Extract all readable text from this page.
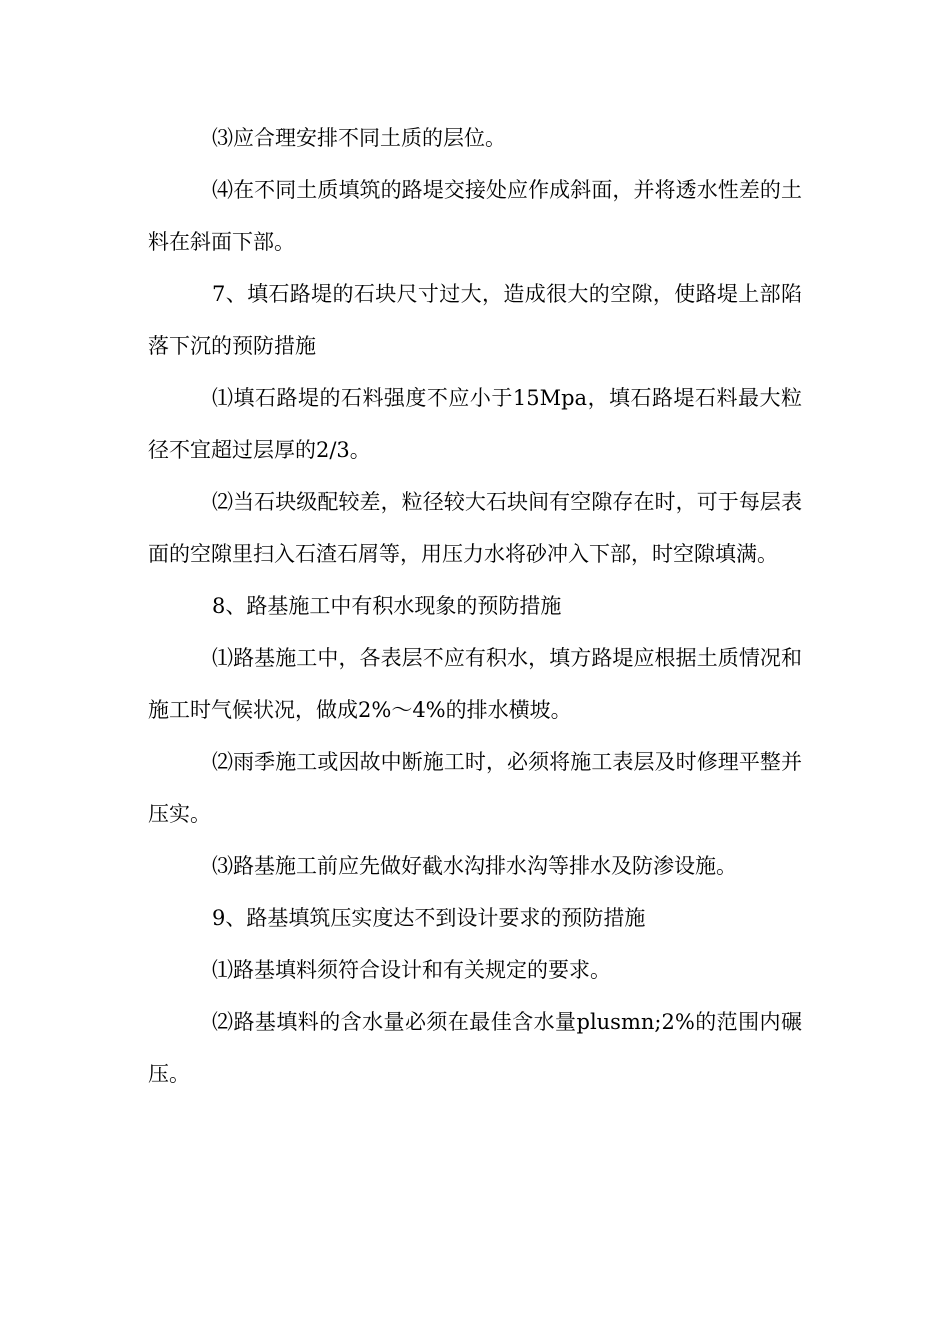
⑶应合理安排不同土质的层位。

⑷在不同土质填筑的路堤交接处应作成斜面，并将透水性差的土料在斜面下部。

7、填石路堤的石块尺寸过大，造成很大的空隙，使路堤上部陷落下沉的预防措施

⑴填石路堤的石料强度不应小于15Mpa，填石路堤石料最大粒径不宜超过层厚的2/3。

⑵当石块级配较差，粒径较大石块间有空隙存在时，可于每层表面的空隙里扫入石渣石屑等，用压力水将砂冲入下部，时空隙填满。

8、路基施工中有积水现象的预防措施

⑴路基施工中，各表层不应有积水，填方路堤应根据土质情况和施工时气候状况，做成2%～4%的排水横坡。

⑵雨季施工或因故中断施工时，必须将施工表层及时修理平整并压实。

⑶路基施工前应先做好截水沟排水沟等排水及防渗设施。

9、路基填筑压实度达不到设计要求的预防措施

⑴路基填料须符合设计和有关规定的要求。

⑵路基填料的含水量必须在最佳含水量plusmn;2%的范围内碾压。
